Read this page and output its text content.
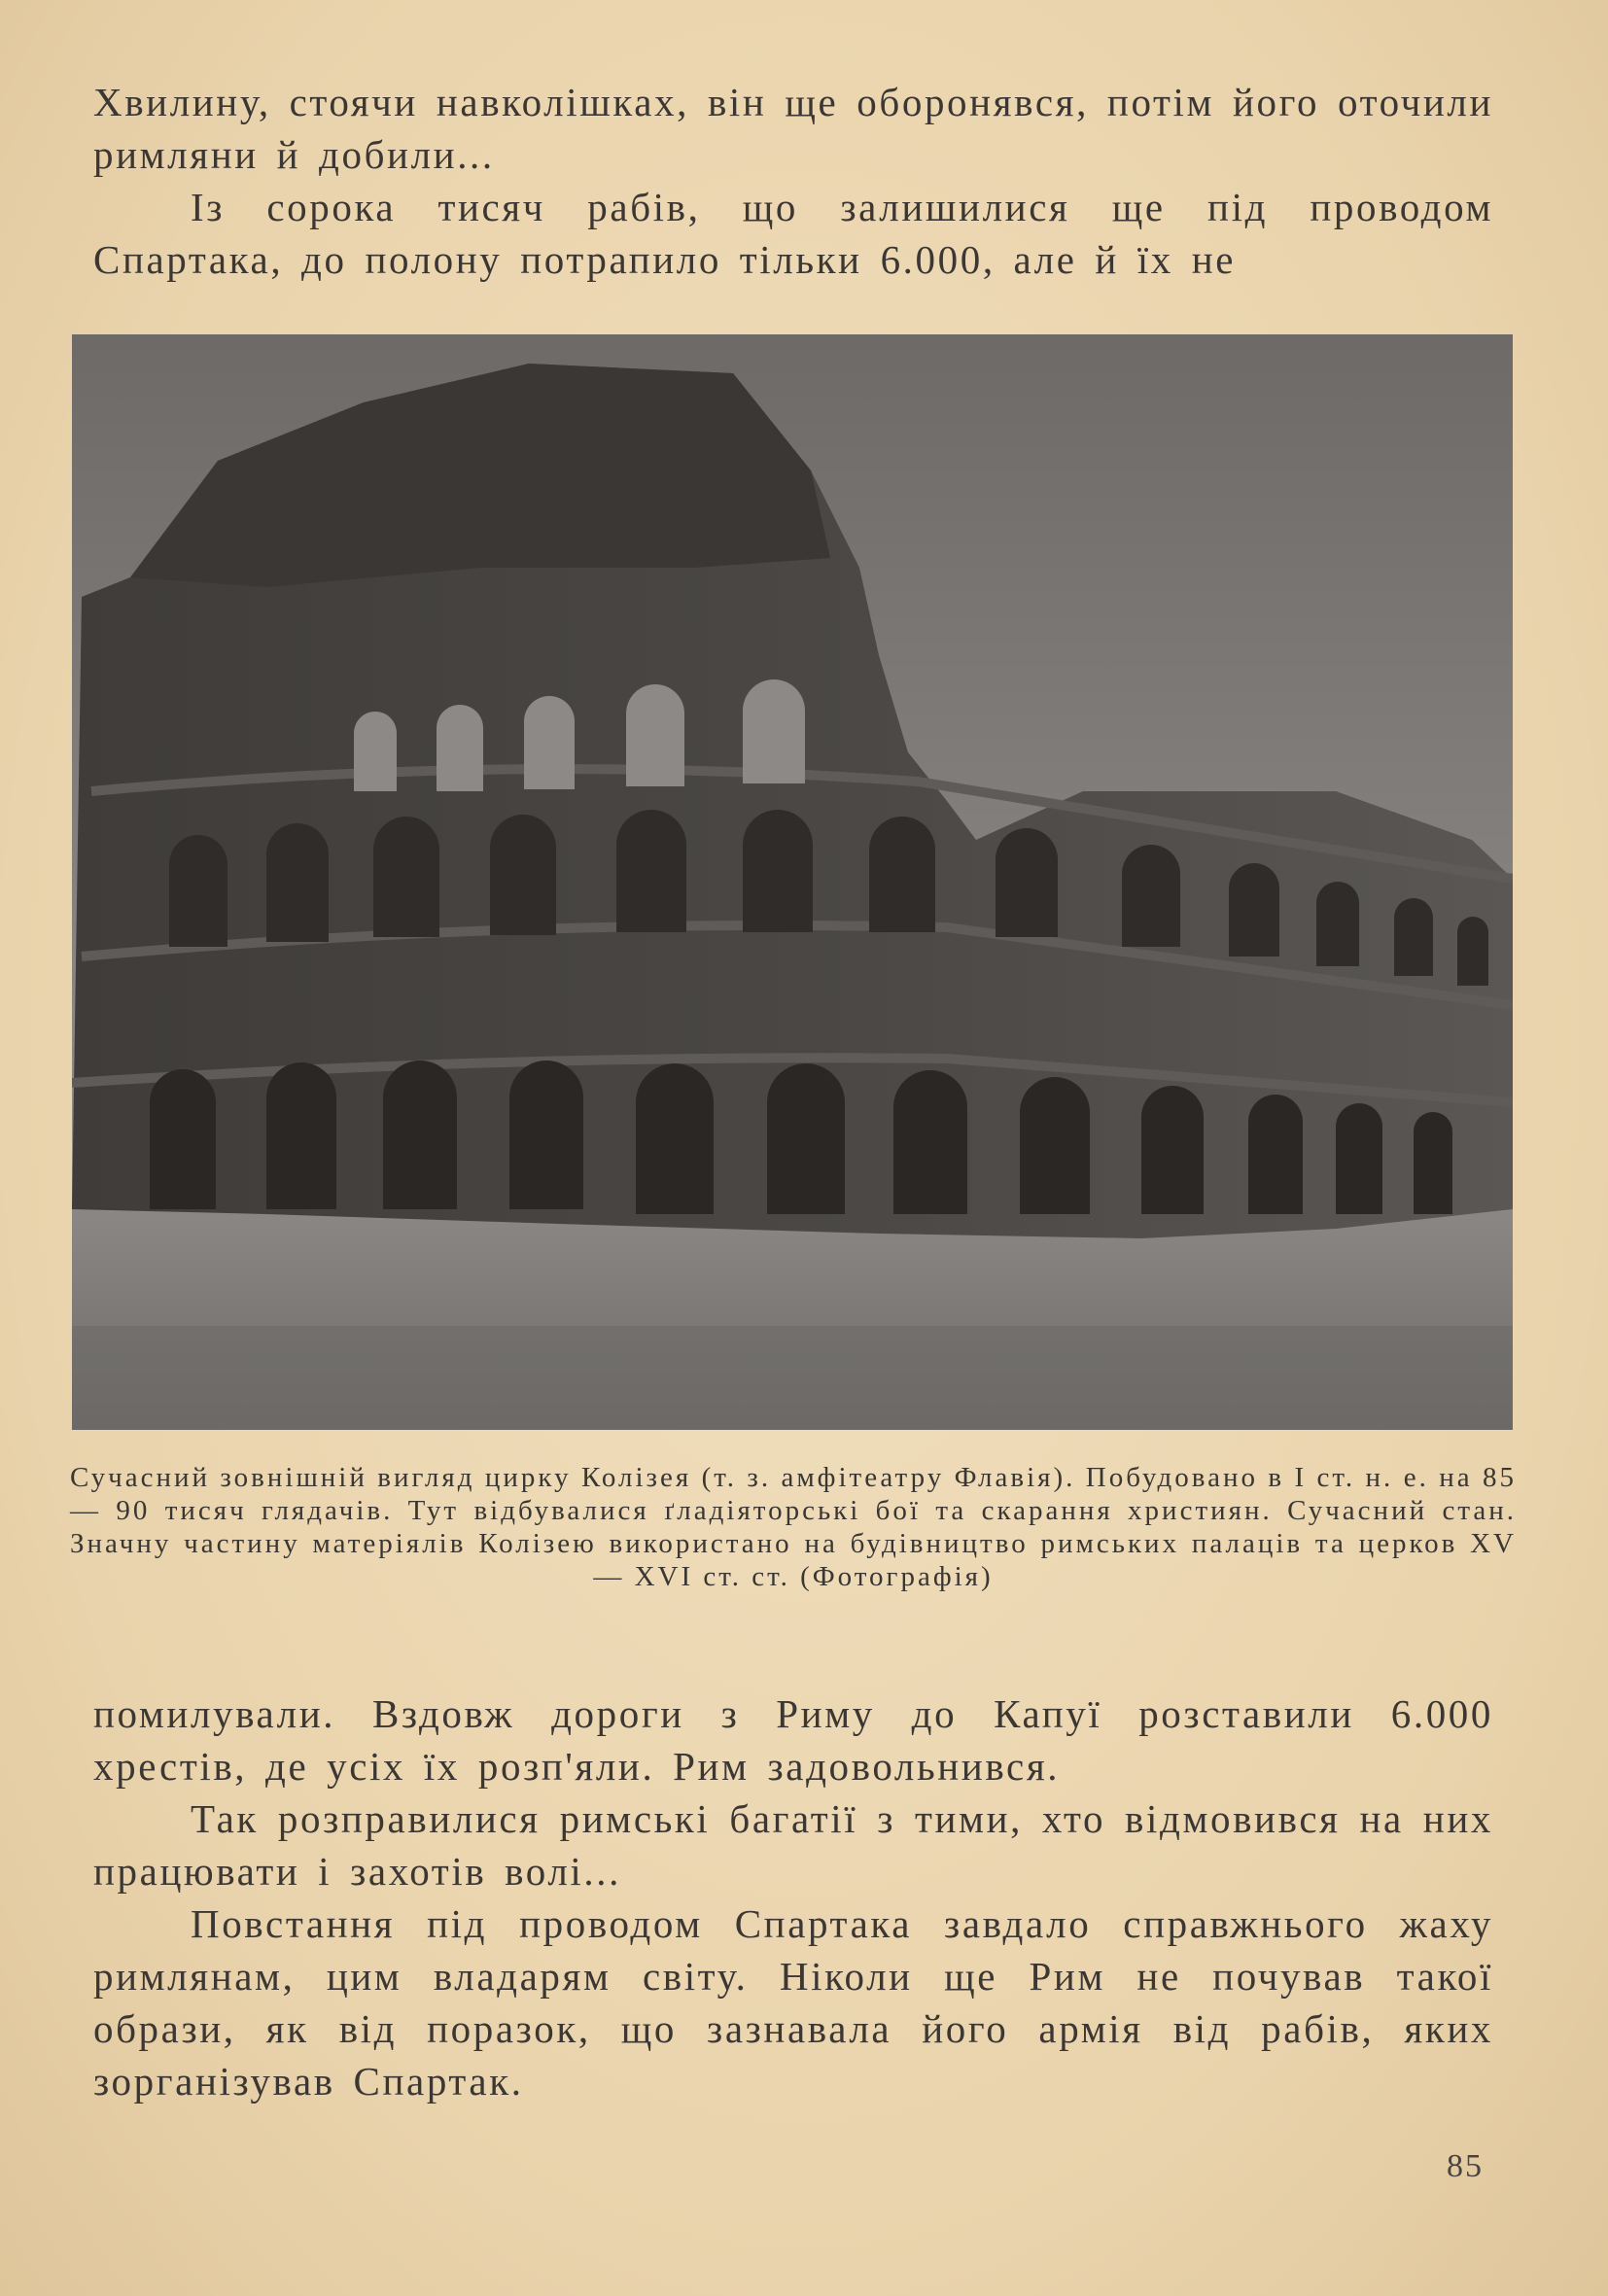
Хвилину, стоячи навколішках, він ще оборонявся, потім його оточили римляни й добили...

Із сорока тисяч рабів, що залишилися ще під проводом Спартака, до полону потрапило тільки 6.000, але й їх не

Сучасний зовнішній вигляд цирку Колізея (т. з. амфітеатру Флавія). Побудовано в I ст. н. е. на 85 — 90 тисяч глядачів. Тут відбувалися ґладіяторські бої та скарання християн. Сучасний стан. Значну частину матеріялів Колізею використано на будівництво римських палаців та церков XV — XVI ст. ст. (Фотографія)

помилували. Вздовж дороги з Риму до Капуї розставили 6.000 хрестів, де усіх їх розп'яли. Рим задовольнився.

Так розправилися римські багатії з тими, хто відмовився на них працювати і захотів волі...

Повстання під проводом Спартака завдало справжнього жаху римлянам, цим владарям світу. Ніколи ще Рим не почував такої образи, як від поразок, що зазнавала його армія від рабів, яких зорганізував Спартак.

85
